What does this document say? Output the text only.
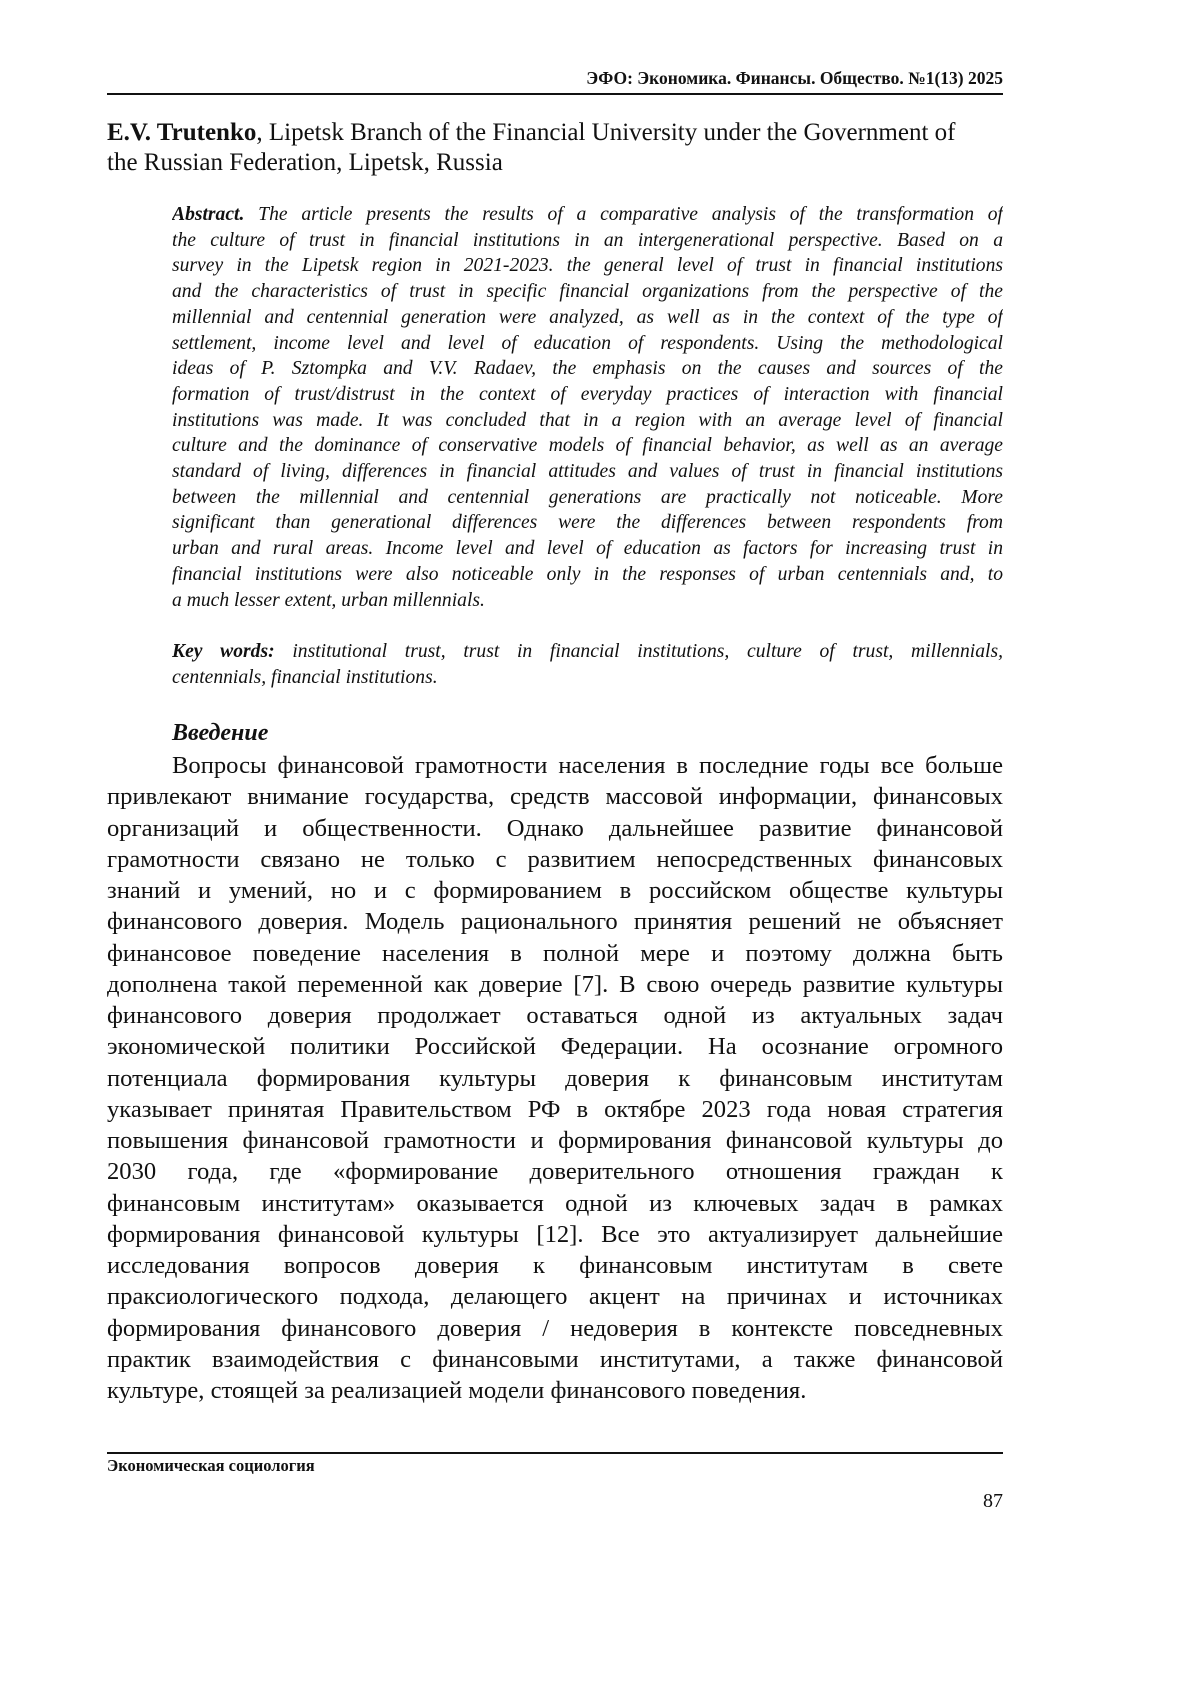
ЭФО: Экономика. Финансы. Общество. №1(13) 2025
E.V. Trutenko, Lipetsk Branch of the Financial University under the Government of
the Russian Federation, Lipetsk, Russia
Abstract. The article presents the results of a comparative analysis of the transformation of
the culture of trust in financial institutions in an intergenerational perspective. Based on a
survey in the Lipetsk region in 2021-2023. the general level of trust in financial institutions
and the characteristics of trust in specific financial organizations from the perspective of the
millennial and centennial generation were analyzed, as well as in the context of the type of
settlement, income level and level of education of respondents. Using the methodological
ideas of P. Sztompka and V.V. Radaev, the emphasis on the causes and sources of the
formation of trust/distrust in the context of everyday practices of interaction with financial
institutions was made. It was concluded that in a region with an average level of financial
culture and the dominance of conservative models of financial behavior, as well as an average
standard of living, differences in financial attitudes and values of trust in financial institutions
between the millennial and centennial generations are practically not noticeable. More
significant than generational differences were the differences between respondents from
urban and rural areas. Income level and level of education as factors for increasing trust in
financial institutions were also noticeable only in the responses of urban centennials and, to
a much lesser extent, urban millennials.
Key words: institutional trust, trust in financial institutions, culture of trust, millennials,
centennials, financial institutions.
Введение
Вопросы финансовой грамотности населения в последние годы все больше
привлекают внимание государства, средств массовой информации, финансовых
организаций и общественности. Однако дальнейшее развитие финансовой
грамотности связано не только с развитием непосредственных финансовых
знаний и умений, но и с формированием в российском обществе культуры
финансового доверия. Модель рационального принятия решений не объясняет
финансовое поведение населения в полной мере и поэтому должна быть
дополнена такой переменной как доверие [7]. В свою очередь развитие культуры
финансового доверия продолжает оставаться одной из актуальных задач
экономической политики Российской Федерации. На осознание огромного
потенциала формирования культуры доверия к финансовым институтам
указывает принятая Правительством РФ в октябре 2023 года новая стратегия
повышения финансовой грамотности и формирования финансовой культуры до
2030 года, где «формирование доверительного отношения граждан к
финансовым институтам» оказывается одной из ключевых задач в рамках
формирования финансовой культуры [12]. Все это актуализирует дальнейшие
исследования вопросов доверия к финансовым институтам в свете
праксиологического подхода, делающего акцент на причинах и источниках
формирования финансового доверия / недоверия в контексте повседневных
практик взаимодействия с финансовыми институтами, а также финансовой
культуре, стоящей за реализацией модели финансового поведения.
Экономическая социология
87
